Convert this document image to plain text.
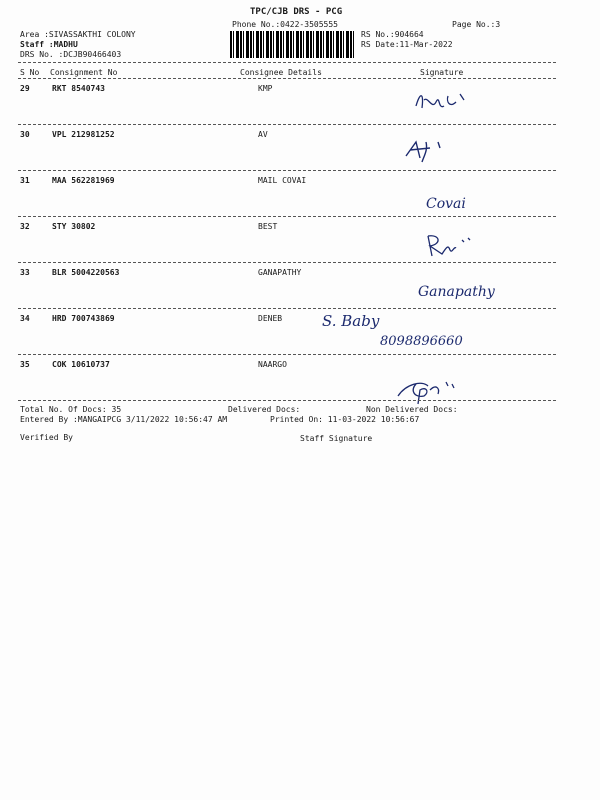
TPC/CJB DRS - PCG
Phone No.:0422-3505555	Page No.:3
Area :SIVASSAKTHI COLONY
Staff :MADHU
DRS No. :DCJB90466403
RS No.:904664
RS Date:11-Mar-2022
S No Consignment No	Consignee Details	Signature
29	RKT 8540743	KMP
30	VPL 212981252	AV
31	MAA 562281969	MAIL COVAI
Covai
32	STY 30802	BEST
33	BLR 5004220563	GANAPATHY
Ganapathy
34	HRD 700743869	DENEB	S. Baby
8098896660
35	COK 10610737	NAARGO
Total No. Of Docs: 35	Delivered Docs:	Non Delivered Docs:
Entered By :MANGAIPCG 3/11/2022 10:56:47 AM	Printed On: 11-03-2022 10:56:67
Verified By	Staff Signature
